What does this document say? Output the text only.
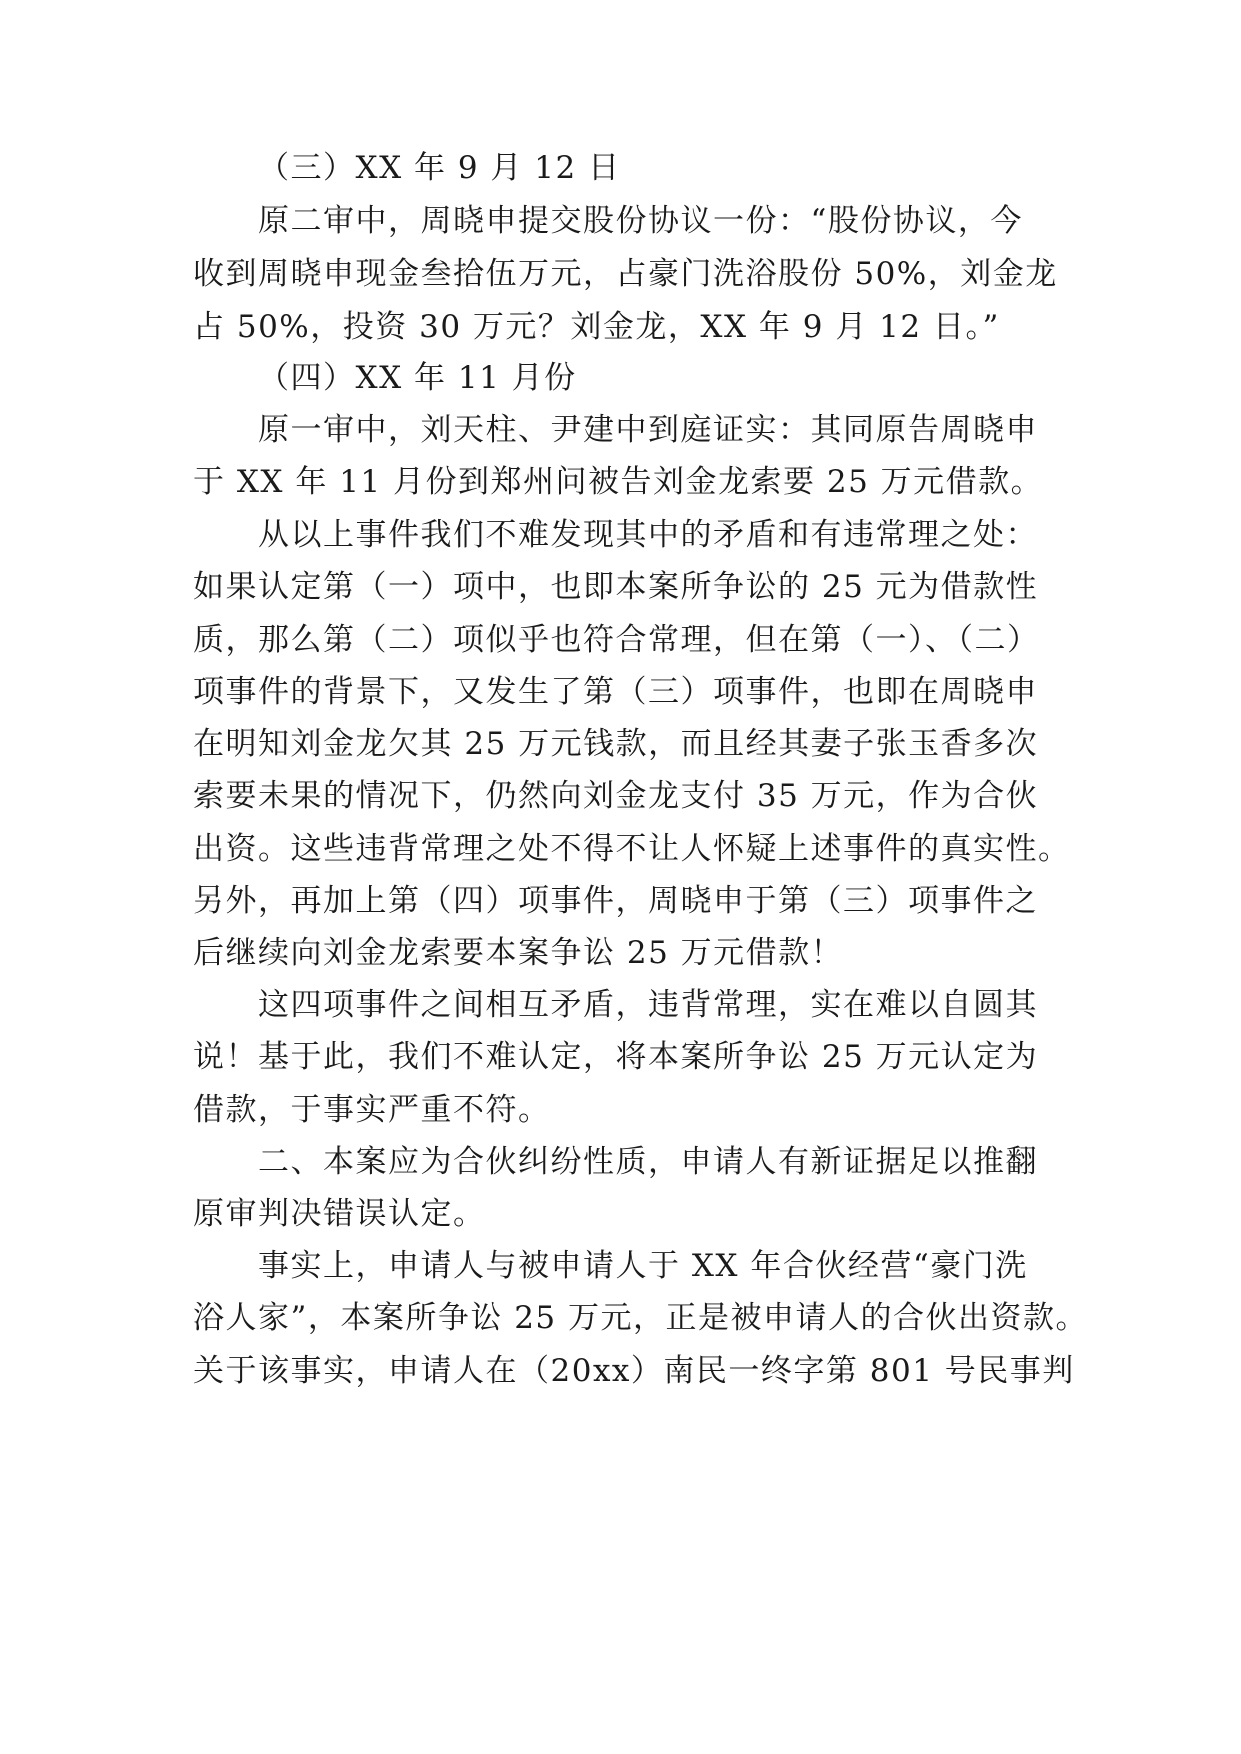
（三）XX 年 9 月 12 日
原二审中，周晓申提交股份协议一份：“股份协议，今
收到周晓申现金叁拾伍万元，占豪门洗浴股份 50%，刘金龙
占 50%，投资 30 万元？刘金龙，XX 年 9 月 12 日。”
（四）XX 年 11 月份
原一审中，刘天柱、尹建中到庭证实：其同原告周晓申
于 XX 年 11 月份到郑州问被告刘金龙索要 25 万元借款。
从以上事件我们不难发现其中的矛盾和有违常理之处：
如果认定第（一）项中，也即本案所争讼的 25 元为借款性
质，那么第（二）项似乎也符合常理，但在第（一）、（二）
项事件的背景下，又发生了第（三）项事件，也即在周晓申
在明知刘金龙欠其 25 万元钱款，而且经其妻子张玉香多次
索要未果的情况下，仍然向刘金龙支付 35 万元，作为合伙
出资。这些违背常理之处不得不让人怀疑上述事件的真实性。
另外，再加上第（四）项事件，周晓申于第（三）项事件之
后继续向刘金龙索要本案争讼 25 万元借款！
这四项事件之间相互矛盾，违背常理，实在难以自圆其
说！基于此，我们不难认定，将本案所争讼 25 万元认定为
借款，于事实严重不符。
二、本案应为合伙纠纷性质，申请人有新证据足以推翻
原审判决错误认定。
事实上，申请人与被申请人于 XX 年合伙经营“豪门洗
浴人家”，本案所争讼 25 万元，正是被申请人的合伙出资款。
关于该事实，申请人在（20xx）南民一终字第 801 号民事判
